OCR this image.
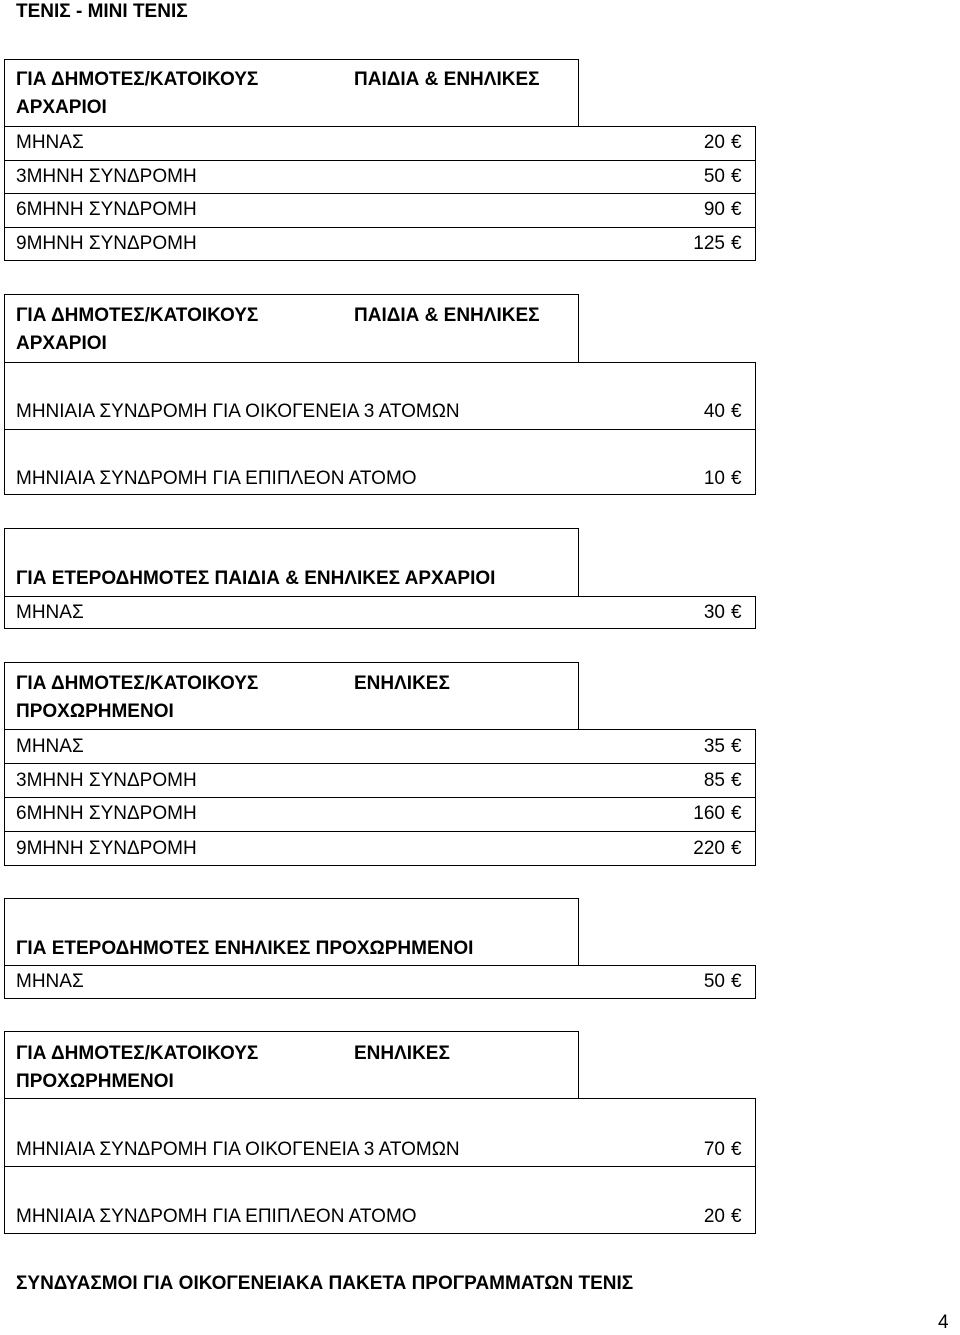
ΤΕΝΙΣ - ΜΙΝΙ ΤΕΝΙΣ
ΓΙΑ ΔΗΜΟΤΕΣ/ΚΑΤΟΙΚΟΥΣ
ΑΡΧΑΡΙΟΙ
ΠΑΙΔΙΑ & ΕΝΗΛΙΚΕΣ
ΜΗΝΑΣ	20 €
3ΜΗΝΗ ΣΥΝΔΡΟΜΗ	50 €
6ΜΗΝΗ ΣΥΝΔΡΟΜΗ	90 €
9ΜΗΝΗ ΣΥΝΔΡΟΜΗ	125 €
ΓΙΑ ΔΗΜΟΤΕΣ/ΚΑΤΟΙΚΟΥΣ
ΑΡΧΑΡΙΟΙ
ΠΑΙΔΙΑ & ΕΝΗΛΙΚΕΣ
ΜΗΝΙΑΙΑ ΣΥΝΔΡΟΜΗ ΓΙΑ ΟΙΚΟΓΕΝΕΙΑ 3 ΑΤΟΜΩΝ	40 €
ΜΗΝΙΑΙΑ ΣΥΝΔΡΟΜΗ ΓΙΑ ΕΠΙΠΛΕΟΝ ΑΤΟΜΟ	10 €
ΓΙΑ ΕΤΕΡΟΔΗΜΟΤΕΣ ΠΑΙΔΙΑ & ΕΝΗΛΙΚΕΣ ΑΡΧΑΡΙΟΙ
ΜΗΝΑΣ	30 €
ΓΙΑ ΔΗΜΟΤΕΣ/ΚΑΤΟΙΚΟΥΣ
ΠΡΟΧΩΡΗΜΕΝΟΙ
ΕΝΗΛΙΚΕΣ
ΜΗΝΑΣ	35 €
3ΜΗΝΗ ΣΥΝΔΡΟΜΗ	85 €
6ΜΗΝΗ ΣΥΝΔΡΟΜΗ	160 €
9ΜΗΝΗ ΣΥΝΔΡΟΜΗ	220 €
ΓΙΑ ΕΤΕΡΟΔΗΜΟΤΕΣ ΕΝΗΛΙΚΕΣ ΠΡΟΧΩΡΗΜΕΝΟΙ
ΜΗΝΑΣ	50 €
ΓΙΑ ΔΗΜΟΤΕΣ/ΚΑΤΟΙΚΟΥΣ
ΠΡΟΧΩΡΗΜΕΝΟΙ
ΕΝΗΛΙΚΕΣ
ΜΗΝΙΑΙΑ ΣΥΝΔΡΟΜΗ ΓΙΑ ΟΙΚΟΓΕΝΕΙΑ 3 ΑΤΟΜΩΝ	70 €
ΜΗΝΙΑΙΑ ΣΥΝΔΡΟΜΗ ΓΙΑ ΕΠΙΠΛΕΟΝ ΑΤΟΜΟ	20 €
ΣΥΝΔΥΑΣΜΟΙ ΓΙΑ ΟΙΚΟΓΕΝΕΙΑΚΑ ΠΑΚΕΤΑ ΠΡΟΓΡΑΜΜΑΤΩΝ ΤΕΝΙΣ
4
